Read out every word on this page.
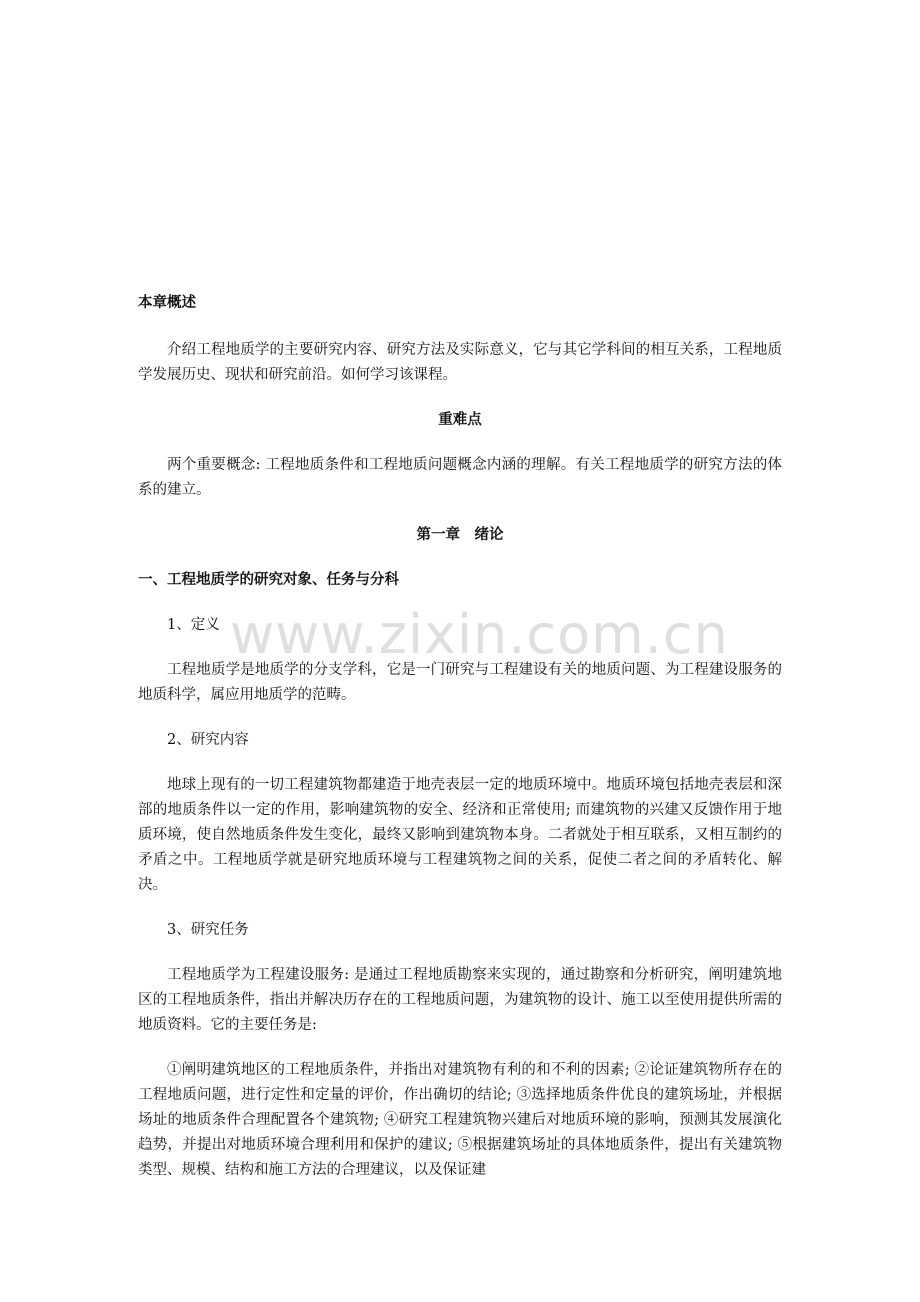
www.zixin.com.cn

本章概述

介绍工程地质学的主要研究内容、研究方法及实际意义，它与其它学科间的相互关系，工程地质学发展历史、现状和研究前沿。如何学习该课程。

重难点

两个重要概念: 工程地质条件和工程地质问题概念内涵的理解。有关工程地质学的研究方法的体系的建立。

第一章　绪论

一、工程地质学的研究对象、任务与分科

1、定义

工程地质学是地质学的分支学科，它是一门研究与工程建设有关的地质问题、为工程建设服务的地质科学，属应用地质学的范畴。

2、研究内容

地球上现有的一切工程建筑物都建造于地壳表层一定的地质环境中。地质环境包括地壳表层和深部的地质条件以一定的作用，影响建筑物的安全、经济和正常使用; 而建筑物的兴建又反馈作用于地质环境，使自然地质条件发生变化，最终又影响到建筑物本身。二者就处于相互联系，又相互制约的矛盾之中。工程地质学就是研究地质环境与工程建筑物之间的关系，促使二者之间的矛盾转化、解决。

3、研究任务

工程地质学为工程建设服务: 是通过工程地质勘察来实现的，通过勘察和分析研究，阐明建筑地区的工程地质条件，指出并解决历存在的工程地质问题，为建筑物的设计、施工以至使用提供所需的地质资料。它的主要任务是:

①阐明建筑地区的工程地质条件，并指出对建筑物有利的和不利的因素; ②论证建筑物所存在的工程地质问题，进行定性和定量的评价，作出确切的结论; ③选择地质条件优良的建筑场址，并根据场址的地质条件合理配置各个建筑物; ④研究工程建筑物兴建后对地质环境的影响，预测其发展演化趋势，并提出对地质环境合理利用和保护的建议; ⑤根据建筑场址的具体地质条件，提出有关建筑物类型、规模、结构和施工方法的合理建议，以及保证建
